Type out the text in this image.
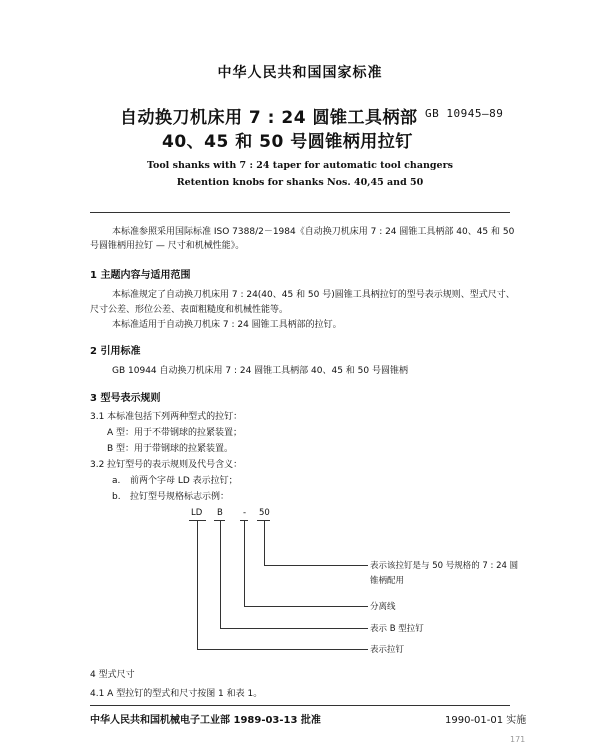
中华人民共和国国家标准
自动换刀机床用 7 : 24 圆锥工具柄部
40、45 和 50 号圆锥柄用拉钉
GB 10945—89
Tool shanks with 7 : 24 taper for automatic tool changers
Retention knobs for shanks Nos. 40,45 and 50
本标准参照采用国际标准 ISO 7388/2－1984《自动换刀机床用 7 : 24 圆锥工具柄部 40、45 和 50
号圆锥柄用拉钉 — 尺寸和机械性能》。
1 主题内容与适用范围
本标准规定了自动换刀机床用 7 : 24(40、45 和 50 号)圆锥工具柄拉钉的型号表示规则、型式尺寸、
尺寸公差、形位公差、表面粗糙度和机械性能等。
本标准适用于自动换刀机床 7 : 24 圆锥工具柄部的拉钉。
2 引用标准
GB 10944 自动换刀机床用 7 : 24 圆锥工具柄部 40、45 和 50 号圆锥柄
3 型号表示规则
3.1 本标准包括下列两种型式的拉钉：
A 型：用于不带钢球的拉紧装置；
B 型：用于带钢球的拉紧装置。
3.2 拉钉型号的表示规则及代号含义：
a. 前两个字母 LD 表示拉钉；
b. 拉钉型号规格标志示例：
LD B - 50
表示该拉钉是与 50 号规格的 7 : 24 圆
锥柄配用
分离线
表示 B 型拉钉
表示拉钉
4 型式尺寸
4.1 A 型拉钉的型式和尺寸按图 1 和表 1。
中华人民共和国机械电子工业部 1989-03-13 批准	1990-01-01 实施
171
